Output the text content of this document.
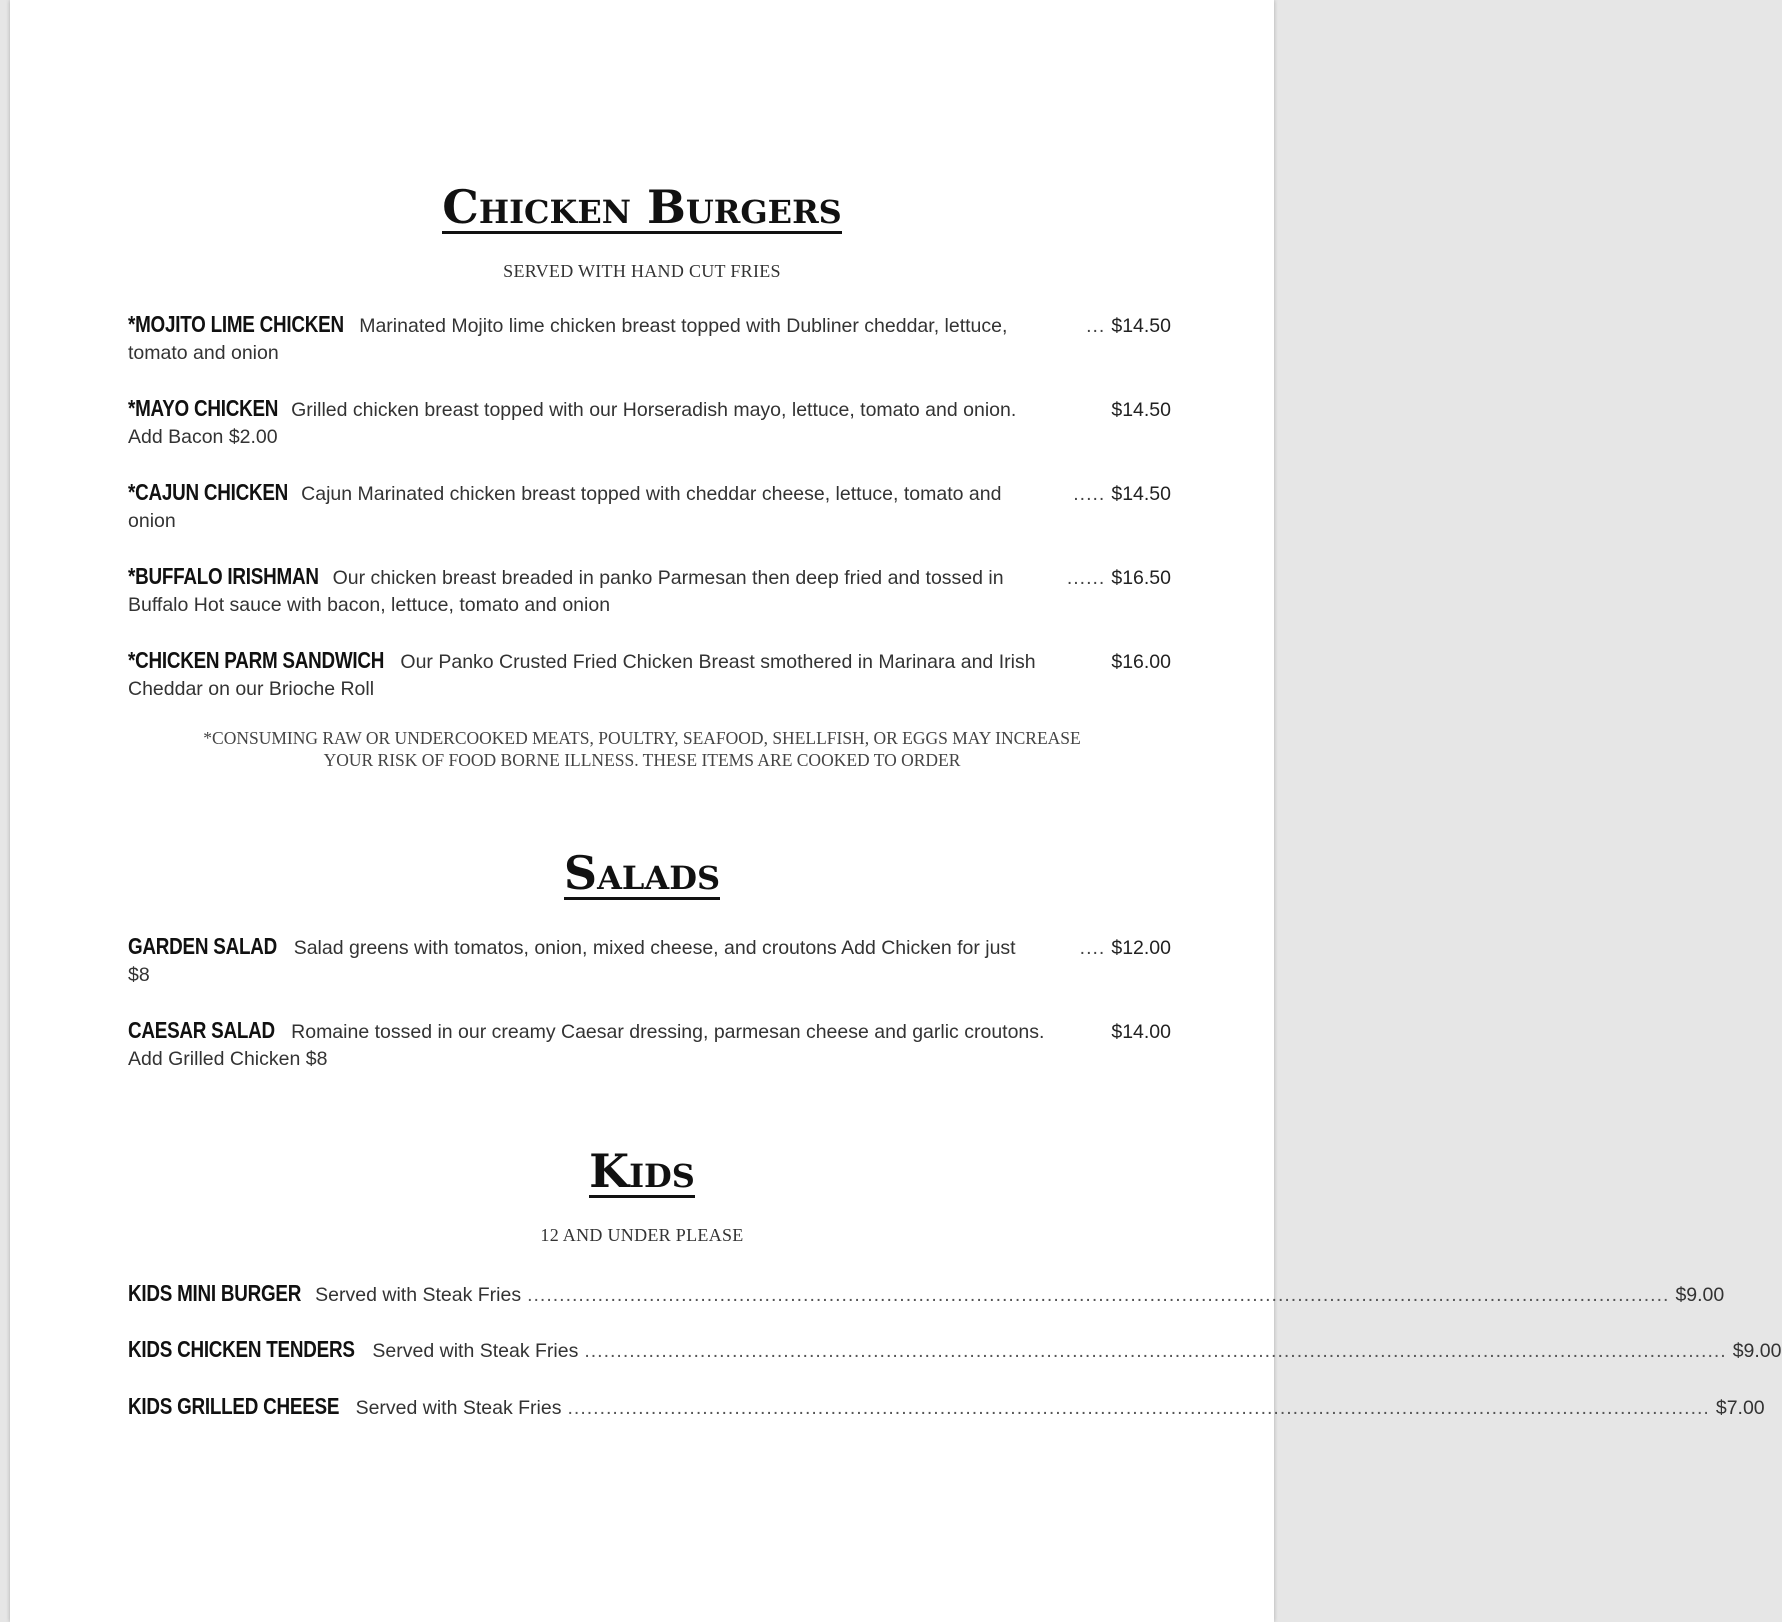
Chicken Burgers
SERVED WITH HAND CUT FRIES
*MOJITO LIME CHICKEN Marinated Mojito lime chicken breast topped with Dubliner cheddar, lettuce,	... $14.50
tomato and onion
*MAYO CHICKEN Grilled chicken breast topped with our Horseradish mayo, lettuce, tomato and onion.	$14.50
Add Bacon $2.00
*CAJUN CHICKEN Cajun Marinated chicken breast topped with cheddar cheese, lettuce, tomato and	..... $14.50
onion
*BUFFALO IRISHMAN Our chicken breast breaded in panko Parmesan then deep fried and tossed in	...... $16.50
Buffalo Hot sauce with bacon, lettuce, tomato and onion
*CHICKEN PARM SANDWICH Our Panko Crusted Fried Chicken Breast smothered in Marinara and Irish	$16.00
Cheddar on our Brioche Roll
*CONSUMING RAW OR UNDERCOOKED MEATS, POULTRY, SEAFOOD, SHELLFISH, OR EGGS MAY INCREASE
YOUR RISK OF FOOD BORNE ILLNESS. THESE ITEMS ARE COOKED TO ORDER
Salads
GARDEN SALAD Salad greens with tomatos, onion, mixed cheese, and croutons Add Chicken for just	.... $12.00
$8
CAESAR SALAD Romaine tossed in our creamy Caesar dressing, parmesan cheese and garlic croutons.	$14.00
Add Grilled Chicken $8
Kids
12 AND UNDER PLEASE
KIDS MINI BURGER Served with Steak Fries .................................................................................................................................................................................. $9.00
KIDS CHICKEN TENDERS Served with Steak Fries .................................................................................................................................................................................. $9.00
KIDS GRILLED CHEESE Served with Steak Fries .................................................................................................................................................................................. $7.00
